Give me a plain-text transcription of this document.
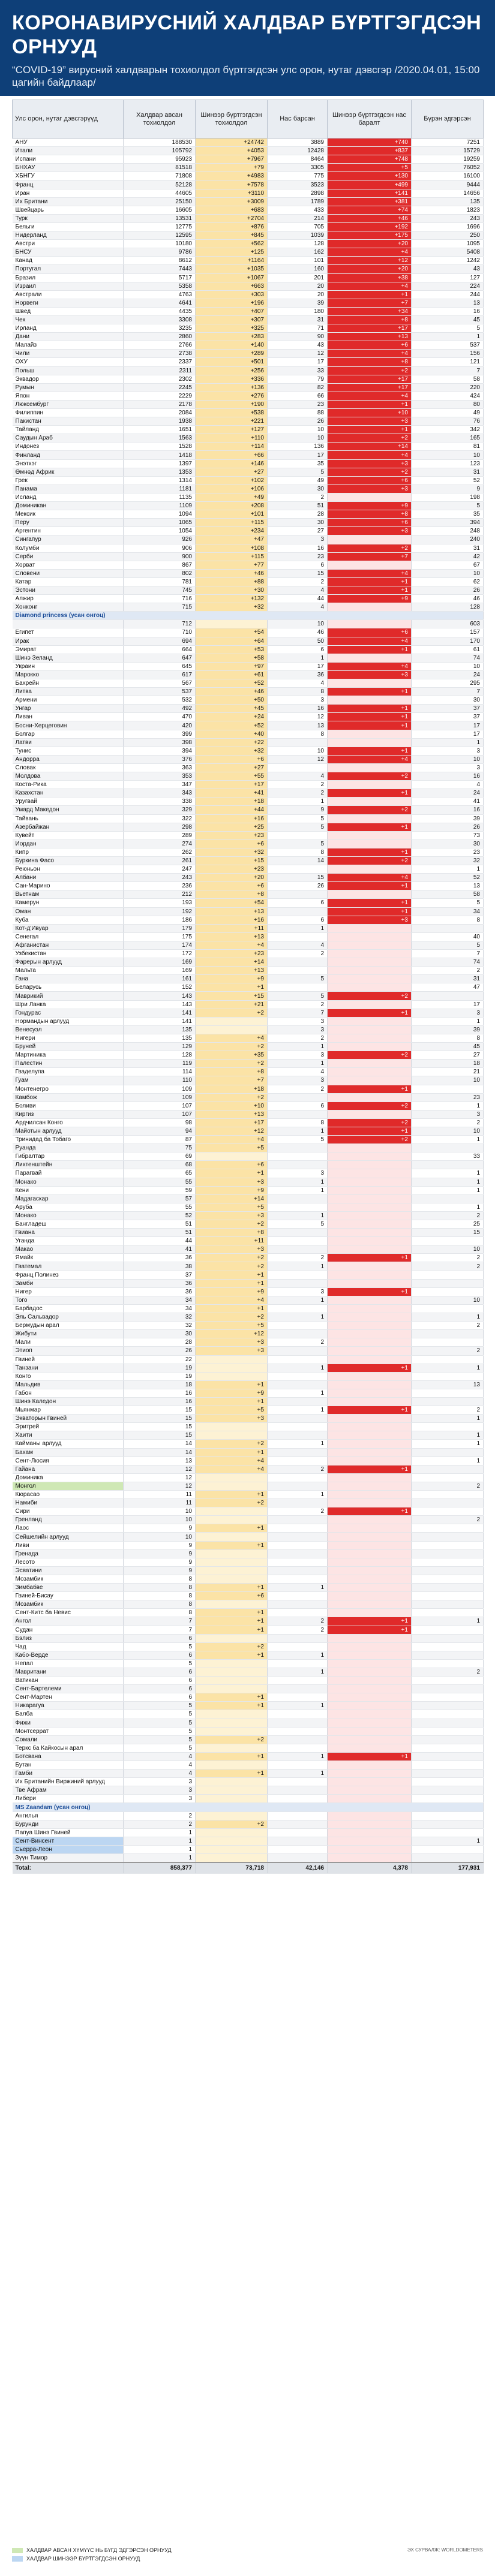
КОРОНАВИРУСНИЙ ХАЛДВАР БҮРТГЭГДСЭН ОРНУУД
“COVID-19” вирусний халдварын тохиолдол бүртгэгдсэн улс орон, нутаг дэвсгэр /2020.04.01, 15:00 цагийн байдлаар/
Улс орон, нутаг дэвсгэрүүд	Халдвар авсан тохиолдол	Шинээр бүртгэгдсэн тохиолдол	Нас барсан	Шинээр бүртгэгдсэн нас баралт	Бүрэн эдгэрсэн
АНУ	188530	+24742	3889	+740	7251
Итали	105792	+4053	12428	+837	15729
Испани	95923	+7967	8464	+748	19259
БНХАУ	81518	+79	3305	+5	76052
ХБНГУ	71808	+4983	775	+130	16100
Франц	52128	+7578	3523	+499	9444
Иран	44605	+3110	2898	+141	14656
Их Британи	25150	+3009	1789	+381	135
Швейцарь	16605	+683	433	+74	1823
Турк	13531	+2704	214	+46	243
Бельги	12775	+876	705	+192	1696
Нидерланд	12595	+845	1039	+175	250
Австри	10180	+562	128	+20	1095
БНСУ	9786	+125	162	+4	5408
Канад	8612	+1164	101	+12	1242
Португал	7443	+1035	160	+20	43
Бразил	5717	+1067	201	+38	127
Израил	5358	+663	20	+4	224
Австрали	4763	+303	20	+1	244
Норвеги	4641	+196	39	+7	13
Швед	4435	+407	180	+34	16
Чех	3308	+307	31	+8	45
Ирланд	3235	+325	71	+17	5
Дани	2860	+283	90	+13	1
Малайз	2766	+140	43	+6	537
Чили	2738	+289	12	+4	156
ОХУ	2337	+501	17	+8	121
Польш	2311	+256	33	+2	7
Эквадор	2302	+336	79	+17	58
Румын	2245	+136	82	+17	220
Япон	2229	+276	66	+4	424
Люксембург	2178	+190	23	+1	80
Филиппин	2084	+538	88	+10	49
Пакистан	1938	+221	26	+3	76
Тайланд	1651	+127	10	+1	342
Саудын Араб	1563	+110	10	+2	165
Индонез	1528	+114	136	+14	81
Финланд	1418	+66	17	+4	10
Энэтхэг	1397	+146	35	+3	123
Өмнөд Африк	1353	+27	5	+2	31
Грек	1314	+102	49	+6	52
Панама	1181	+106	30	+3	9
Исланд	1135	+49	2		198
Доминикан	1109	+208	51	+9	5
Мексик	1094	+101	28	+8	35
Перу	1065	+115	30	+6	394
Аргентин	1054	+234	27	+3	248
Сингапур	926	+47	3		240
Колумби	906	+108	16	+2	31
Серби	900	+115	23	+7	42
Хорват	867	+77	6		67
Словени	802	+46	15	+4	10
Катар	781	+88	2	+1	62
Эстони	745	+30	4	+1	26
Алжир	716	+132	44	+9	46
Хонконг	715	+32	4		128
Diamond princess (усан онгоц)					
	712		10		603
Египет	710	+54	46	+6	157
Ирак	694	+64	50	+4	170
Эмират	664	+53	6	+1	61
Шинэ Зеланд	647	+58	1		74
Украин	645	+97	17	+4	10
Марокко	617	+61	36	+3	24
Бахрейн	567	+52	4		295
Литва	537	+46	8	+1	7
Армени	532	+50	3		30
Унгар	492	+45	16	+1	37
Ливан	470	+24	12	+1	37
Босни-Херцеговин	420	+52	13	+1	17
Болгар	399	+40	8		17
Латви	398	+22			1
Тунис	394	+32	10	+1	3
Андорра	376	+6	12	+4	10
Словак	363	+27			3
Молдова	353	+55	4	+2	16
Коста-Рика	347	+17	2		4
Казахстан	343	+41	2	+1	24
Уругвай	338	+18	1		41
Умард Македон	329	+44	9	+2	16
Тайвань	322	+16	5		39
Азербайжан	298	+25	5	+1	26
Кувейт	289	+23			73
Иордан	274	+6	5		30
Кипр	262	+32	8	+1	23
Буркина Фасо	261	+15	14	+2	32
Реюньон	247	+23			1
Албани	243	+20	15	+4	52
Сан-Марино	236	+6	26	+1	13
Вьетнам	212	+8			58
Камерун	193	+54	6	+1	5
Оман	192	+13		+1	34
Куба	186	+16	6	+3	8
Кот-д'Ивуар	179	+11	1		
Сенегал	175	+13			40
Афганистан	174	+4	4		5
Узбекистан	172	+23	2		7
Фарерын арлууд	169	+14			74
Мальта	169	+13			2
Гана	161	+9	5		31
Беларусь	152	+1			47
Маврикий	143	+15	5	+2	
Шри Ланка	143	+21	2		17
Гондурас	141	+2	7	+1	3
Нормандын арлууд	141		3		1
Венесуэл	135		3		39
Нигери	135	+4	2		8
Бруней	129	+2	1		45
Мартиника	128	+35	3	+2	27
Палестин	119	+2	1		18
Гваделупа	114	+8	4		21
Гуам	110	+7	3		10
Монтенегро	109	+18	2	+1	
Камбож	109	+2			23
Боливи	107	+10	6	+2	1
Киргиз	107	+13			3
Ардчилсан Конго	98	+17	8	+2	2
Майотын арлууд	94	+12	1	+1	10
Тринидад ба Тобаго	87	+4	5	+2	1
Руанда	75	+5			
Гибралтар	69				33
Лихтенштейн	68	+6			
Парагвай	65	+1	3		1
Монако	55	+3	1		1
Кени	59	+9	1		1
Мадагаскар	57	+14			
Аруба	55	+5			1
Монако	52	+3	1		2
Бангладеш	51	+2	5		25
Гвиана	51	+8			15
Уганда	44	+11			
Макао	41	+3			10
Ямайк	36	+2	2	+1	2
Гватемал	38	+2	1		2
Франц Полинез	37	+1			
Замби	36	+1			
Нигер	36	+9	3	+1	
Того	34	+4	1		10
Барбадос	34	+1			
Эль Сальвадор	32	+2	1		1
Бермудын арал	32	+5			2
Жибути	30	+12			
Мали	28	+3	2		
Этиоп	26	+3			2
Гвиней	22				
Танзани	19		1	+1	1
Конго	19				
Мальдив	18	+1			13
Габон	16	+9	1		
Шинэ Каледон	16	+1			
Мьянмар	15	+5	1	+1	2
Экваторын Гвиней	15	+3			1
Эритрей	15				
Хаити	15				1
Кайманы арлууд	14	+2	1		1
Бахам	14	+1			
Сент-Люсия	13	+4			1
Гайана	12	+4	2	+1	
Доминика	12				
Монгол	12				2
Кюрасао	11	+1	1		
Намиби	11	+2			
Сири	10		2	+1	
Гренланд	10				2
Лаос	9	+1			
Сейшелийн арлууд	10				
Ливи	9	+1			
Гренада	9				
Лесото	9				
Эсватини	9				
Мозамбик	8				
Зимбабве	8	+1	1		
Гвиней-Бисау	8	+6			
Мозамбик	8				
Сент-Китс ба Невис	8	+1			
Ангол	7	+1	2	+1	1
Судан	7	+1	2	+1	
Бэлиз	6				
Чад	5	+2			
Кабо-Верде	6	+1	1		
Непал	5				
Мавритани	6		1		2
Ватикан	6				
Сент-Бартелеми	6				
Сент-Мартен	6	+1			
Никарагуа	5	+1	1		
Балба	5				
Фижи	5				
Монтсеррат	5				
Сомали	5	+2			
Теркс ба Кайкосын арал	5				
Ботсвана	4	+1	1	+1	
Бутан	4				
Гамби	4	+1	1		
Их Британийн Виржиний арлууд	3				
Тве Афрам	3				
Либери	3				
MS Zaandam (усан онгоц)					
Ангилья	2				
Бурунди	2	+2			
Папуа Шинэ Гвиней	1				
Сент-Винсент	1				1
Сьерра-Леон	1				
Зүүн Тимор	1				
Total:	858,377	73,718	42,146	4,378	177,931
ХАЛДВАР АВСАН ХҮМҮҮС НЬ БҮГД ЭДГЭРСЭН ОРНУУД
ХАЛДВАР ШИНЭЭР БҮРТГЭГДСЭН ОРНУУД
ЭХ СУРВАЛЖ: WORLDOMETERS
